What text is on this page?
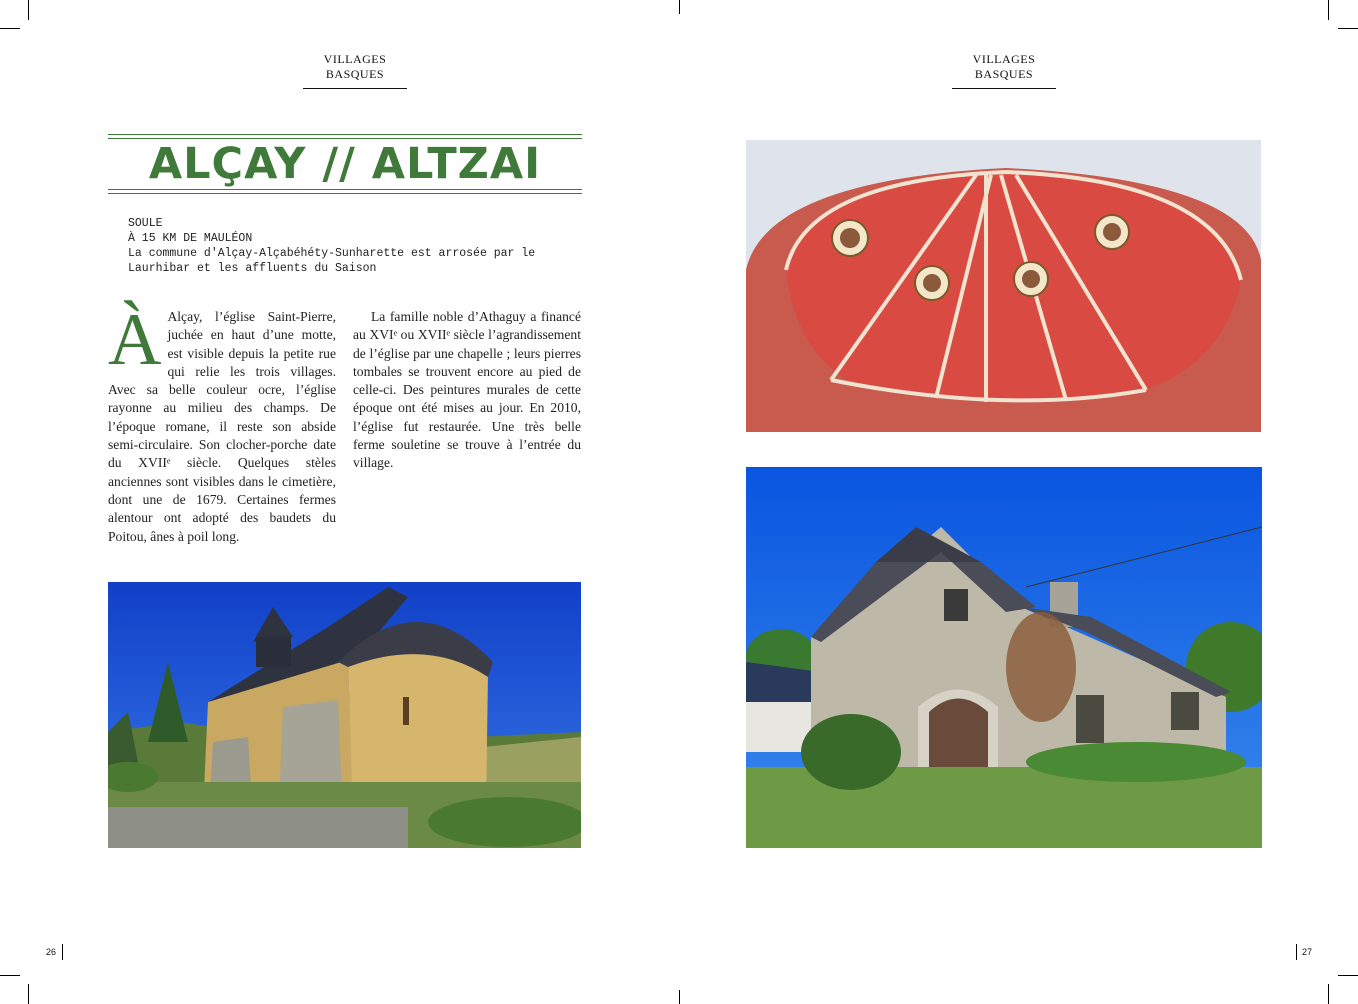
VILLAGES BASQUES
ALÇAY // ALTZAI
SOULE
À 15 KM DE MAULÉON
La commune d'Alçay-Alçabéhéty-Sunharette est arrosée par le
Laurhibar et les affluents du Saison
À Alçay, l’église Saint-Pierre, juchée en haut d’une motte, est visible depuis la petite rue qui relie les trois villages. Avec sa belle couleur ocre, l’église rayonne au milieu des champs. De l’époque romane, il reste son abside semi-circulaire. Son clocher-porche date du XVIIᵉ siècle. Quelques stèles anciennes sont visibles dans le cimetière, dont une de 1679. Certaines fermes alentour ont adopté des baudets du Poitou, ânes à poil long.

La famille noble d’Athaguy a financé au XVIᵉ ou XVIIᵉ siècle l’agrandissement de l’église par une chapelle ; leurs pierres tombales se trouvent encore au pied de celle-ci. Des peintures murales de cette époque ont été mises au jour. En 2010, l’église fut restaurée. Une très belle ferme souletine se trouve à l’entrée du village.

26
VILLAGES BASQUES
27
